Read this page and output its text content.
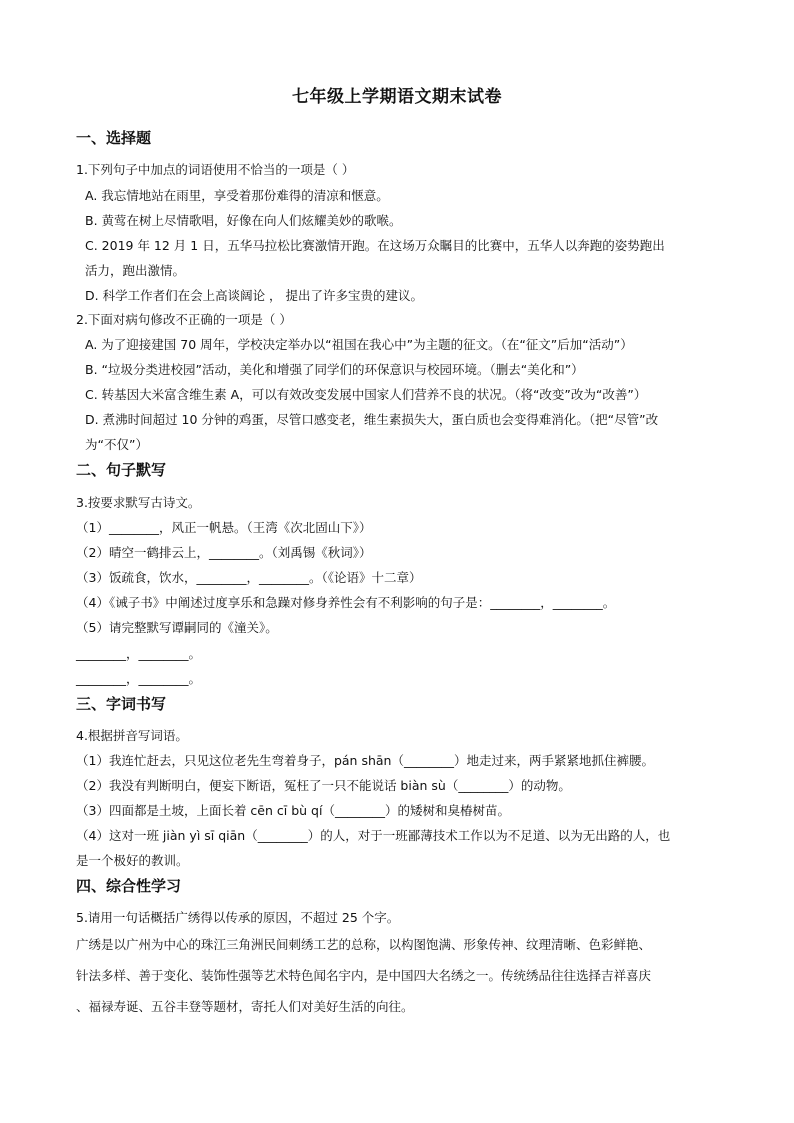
七年级上学期语文期末试卷
一、选择题
1.下列句子中加点的词语使用不恰当的一项是（ ）
A. 我忘情地站在雨里，享受着那份难得的清凉和惬意。
B. 黄莺在树上尽情歌唱，好像在向人们炫耀美妙的歌喉。
C. 2019 年 12 月 1 日，五华马拉松比赛激情开跑。在这场万众瞩目的比赛中，五华人以奔跑的姿势跑出
活力，跑出激情。
D. 科学工作者们在会上高谈阔论 ， 提出了许多宝贵的建议。
2.下面对病句修改不正确的一项是（ ）
A. 为了迎接建国 70 周年，学校决定举办以“祖国在我心中”为主题的征文。（在“征文”后加“活动”）
B. “垃圾分类进校园”活动，美化和增强了同学们的环保意识与校园环境。（删去“美化和”）
C. 转基因大米富含维生素 A，可以有效改变发展中国家人们营养不良的状况。（将“改变”改为“改善”）
D. 煮沸时间超过 10 分钟的鸡蛋，尽管口感变老，维生素损失大，蛋白质也会变得难消化。（把“尽管”改
为“不仅”）
二、句子默写
3.按要求默写古诗文。
（1）________，风正一帆悬。（王湾《次北固山下》）
（2）晴空一鹤排云上，________。（刘禹锡《秋词》）
（3）饭疏食，饮水，________，________。（《论语》十二章）
（4）《诫子书》中阐述过度享乐和急躁对修身养性会有不利影响的句子是：________，________。
（5）请完整默写谭嗣同的《潼关》。
________，________。
________，________。
三、字词书写
4.根据拼音写词语。
（1）我连忙赶去，只见这位老先生弯着身子，pán shān（________）地走过来，两手紧紧地抓住裤腰。
（2）我没有判断明白，便妄下断语，冤枉了一只不能说话 biàn sù（________）的动物。
（3）四面都是土坡，上面长着 cēn cī bù qí（________）的矮树和臭椿树苗。
（4）这对一班 jiàn yì sī qiān（________）的人，对于一班鄙薄技术工作以为不足道、以为无出路的人，也
是一个极好的教训。
四、综合性学习
5.请用一句话概括广绣得以传承的原因，不超过 25 个字。
广绣是以广州为中心的珠江三角洲民间刺绣工艺的总称，以构图饱满、形象传神、纹理清晰、色彩鲜艳、
针法多样、善于变化、装饰性强等艺术特色闻名宇内，是中国四大名绣之一。传统绣品往往选择吉祥喜庆
、福禄寿诞、五谷丰登等题材，寄托人们对美好生活的向往。
